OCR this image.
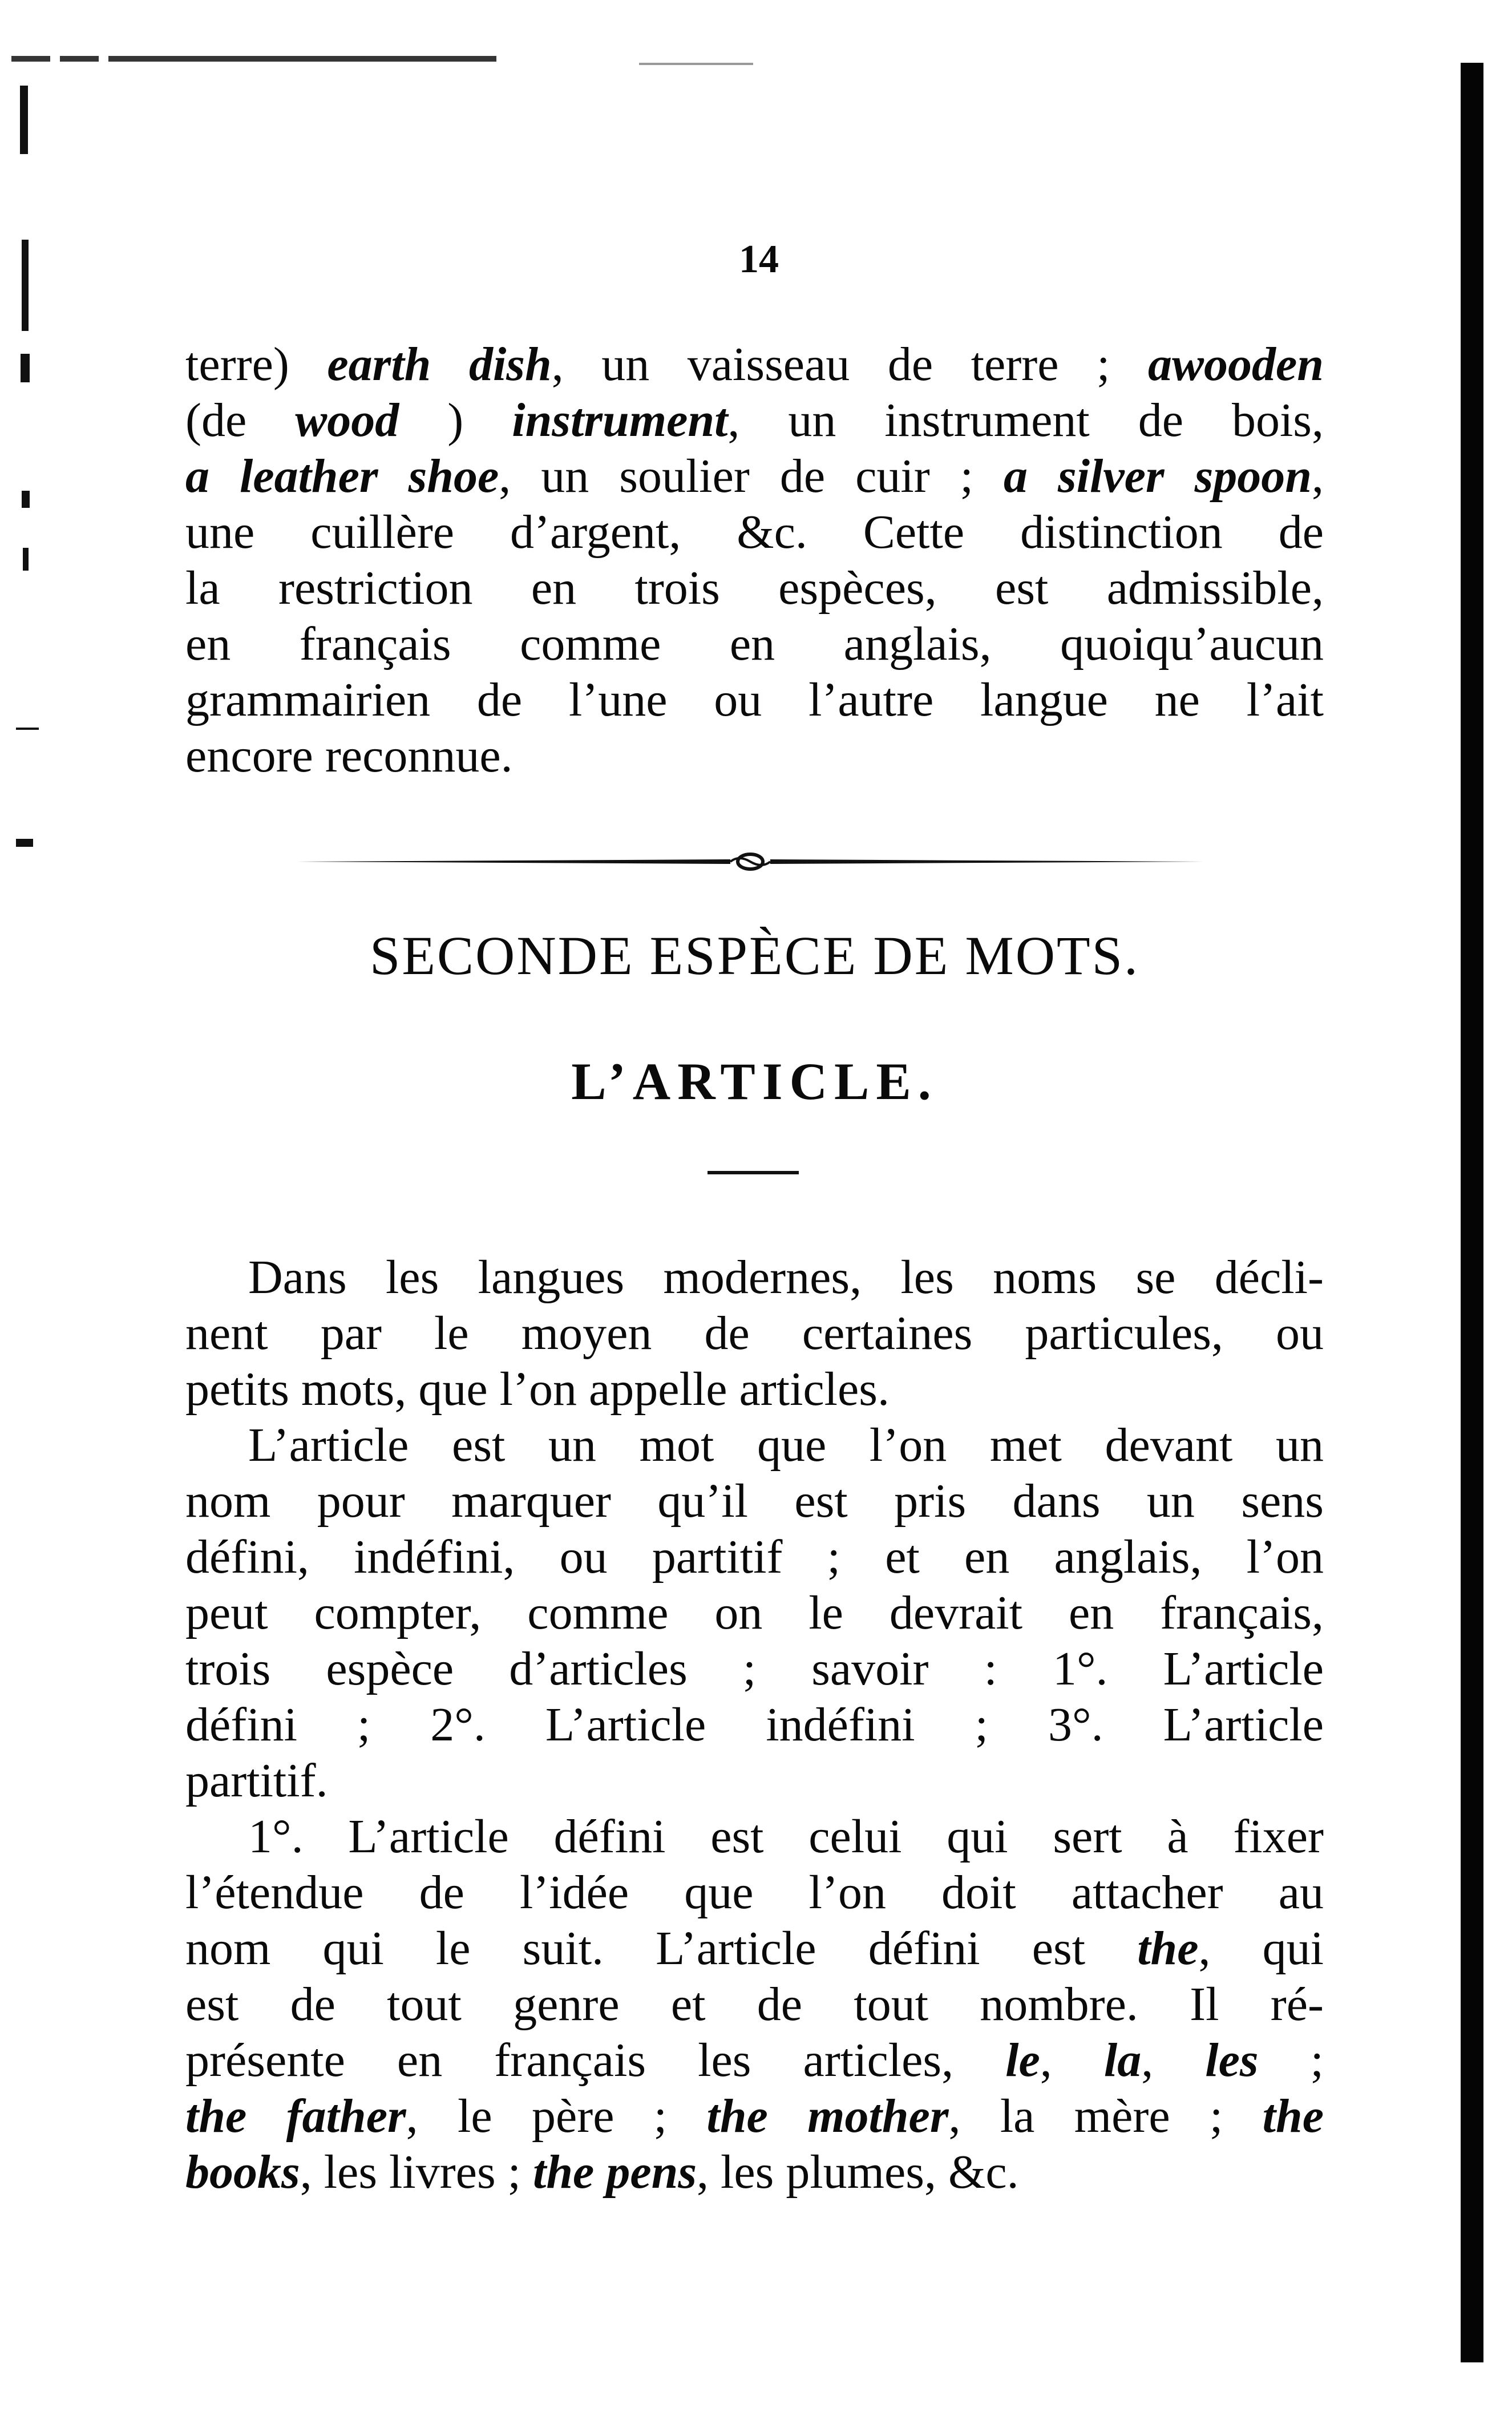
14
terre) earth dish, un vaisseau de terre ; awooden
(de wood ) instrument, un instrument de bois,
a leather shoe, un soulier de cuir ; a silver spoon,
une cuillère d’argent, &c. Cette distinction de
la restriction en trois espèces, est admissible,
en français comme en anglais, quoiqu’aucun
grammairien de l’une ou l’autre langue ne l’ait
encore reconnue.
SECONDE ESPÈCE DE MOTS.
L’ARTICLE.
Dans les langues modernes, les noms se décli-
nent par le moyen de certaines particules, ou
petits mots, que l’on appelle articles.
L’article est un mot que l’on met devant un
nom pour marquer qu’il est pris dans un sens
défini, indéfini, ou partitif ; et en anglais, l’on
peut compter, comme on le devrait en français,
trois espèce d’articles ; savoir : 1°. L’article
défini ; 2°. L’article indéfini ; 3°. L’article
partitif.
1°. L’article défini est celui qui sert à fixer
l’étendue de l’idée que l’on doit attacher au
nom qui le suit. L’article défini est the, qui
est de tout genre et de tout nombre. Il ré-
présente en français les articles, le, la, les ;
the father, le père ; the mother, la mère ; the
books, les livres ; the pens, les plumes, &c.
